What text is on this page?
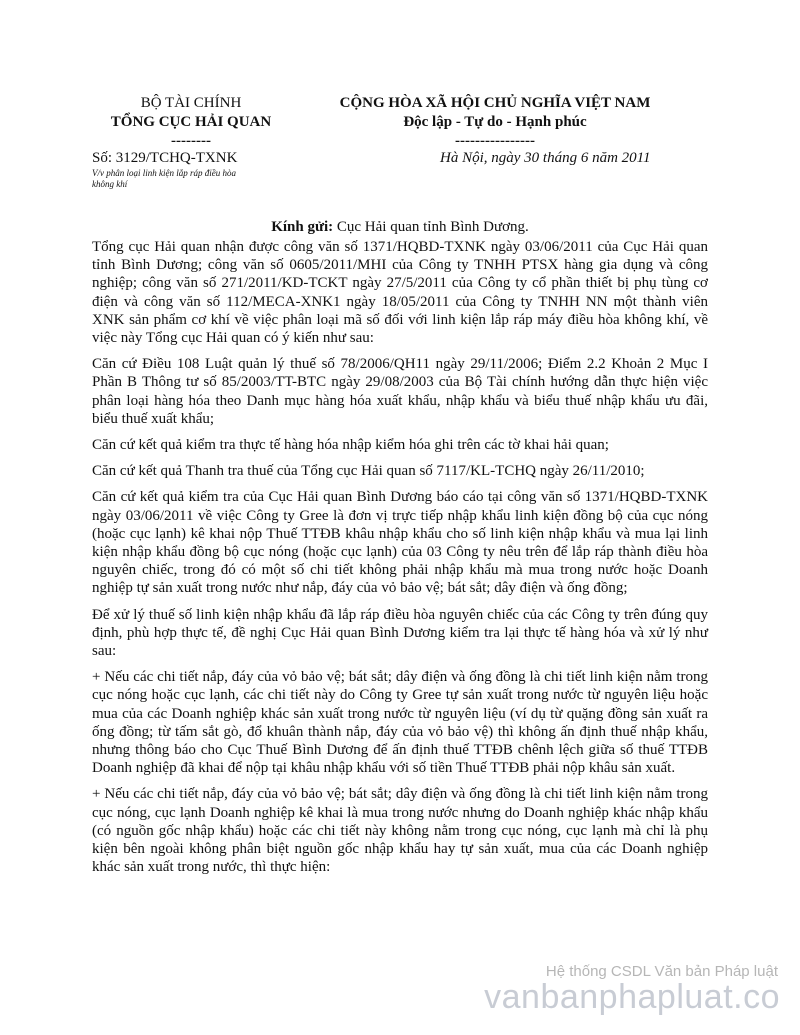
BỘ TÀI CHÍNH
TỔNG CỤC HẢI QUAN
--------
CỘNG HÒA XÃ HỘI CHỦ NGHĨA VIỆT NAM
Độc lập - Tự do - Hạnh phúc
----------------
Số: 3129/TCHQ-TXNK
V/v phân loại linh kiện lắp ráp điều hòa
không khí
Hà Nội, ngày 30 tháng 6 năm 2011
Kính gửi: Cục Hải quan tỉnh Bình Dương.

Tổng cục Hải quan nhận được công văn số 1371/HQBD-TXNK ngày 03/06/2011 của Cục Hải quan tỉnh Bình Dương; công văn số 0605/2011/MHI của Công ty TNHH PTSX hàng gia dụng và công nghiệp; công văn số 271/2011/KD-TCKT ngày 27/5/2011 của Công ty cổ phần thiết bị phụ tùng cơ điện và công văn số 112/MECA-XNK1 ngày 18/05/2011 của Công ty TNHH NN một thành viên XNK sản phẩm cơ khí về việc phân loại mã số đối với linh kiện lắp ráp máy điều hòa không khí, về việc này Tổng cục Hải quan có ý kiến như sau:

Căn cứ Điều 108 Luật quản lý thuế số 78/2006/QH11 ngày 29/11/2006; Điểm 2.2 Khoản 2 Mục I Phần B Thông tư số 85/2003/TT-BTC ngày 29/08/2003 của Bộ Tài chính hướng dẫn thực hiện việc phân loại hàng hóa theo Danh mục hàng hóa xuất khẩu, nhập khẩu và biểu thuế nhập khẩu ưu đãi, biểu thuế xuất khẩu;

Căn cứ kết quả kiểm tra thực tế hàng hóa nhập kiểm hóa ghi trên các tờ khai hải quan;

Căn cứ kết quả Thanh tra thuế của Tổng cục Hải quan số 7117/KL-TCHQ ngày 26/11/2010;

Căn cứ kết quả kiểm tra của Cục Hải quan Bình Dương báo cáo tại công văn số 1371/HQBD-TXNK ngày 03/06/2011 về việc Công ty Gree là đơn vị trực tiếp nhập khẩu linh kiện đồng bộ của cục nóng (hoặc cục lạnh) kê khai nộp Thuế TTĐB khâu nhập khẩu cho số linh kiện nhập khẩu và mua lại linh kiện nhập khẩu đồng bộ cục nóng (hoặc cục lạnh) của 03 Công ty nêu trên để lắp ráp thành điều hòa nguyên chiếc, trong đó có một số chi tiết không phải nhập khẩu mà mua trong nước hoặc Doanh nghiệp tự sản xuất trong nước như nắp, đáy của vỏ bảo vệ; bát sắt; dây điện và ống đồng;

Để xử lý thuế số linh kiện nhập khẩu đã lắp ráp điều hòa nguyên chiếc của các Công ty trên đúng quy định, phù hợp thực tế, đề nghị Cục Hải quan Bình Dương kiểm tra lại thực tế hàng hóa và xử lý như sau:

+ Nếu các chi tiết nắp, đáy của vỏ bảo vệ; bát sắt; dây điện và ống đồng là chi tiết linh kiện nằm trong cục nóng hoặc cục lạnh, các chi tiết này do Công ty Gree tự sản xuất trong nước từ nguyên liệu hoặc mua của các Doanh nghiệp khác sản xuất trong nước từ nguyên liệu (ví dụ từ quặng đồng sản xuất ra ống đồng; từ tấm sắt gò, đổ khuân thành nắp, đáy của vỏ bảo vệ) thì không ấn định thuế nhập khẩu, nhưng thông báo cho Cục Thuế Bình Dương để ấn định thuế TTĐB chênh lệch giữa số thuế TTĐB Doanh nghiệp đã khai để nộp tại khâu nhập khẩu với số tiền Thuế TTĐB phải nộp khâu sản xuất.

+ Nếu các chi tiết nắp, đáy của vỏ bảo vệ; bát sắt; dây điện và ống đồng là chi tiết linh kiện nằm trong cục nóng, cục lạnh Doanh nghiệp kê khai là mua trong nước nhưng do Doanh nghiệp khác nhập khẩu (có nguồn gốc nhập khẩu) hoặc các chi tiết này không nằm trong cục nóng, cục lạnh mà chỉ là phụ kiện bên ngoài không phân biệt nguồn gốc nhập khẩu hay tự sản xuất, mua của các Doanh nghiệp khác sản xuất trong nước, thì thực hiện:

Hệ thống CSDL Văn bản Pháp luật
vanbanphapluat.co
